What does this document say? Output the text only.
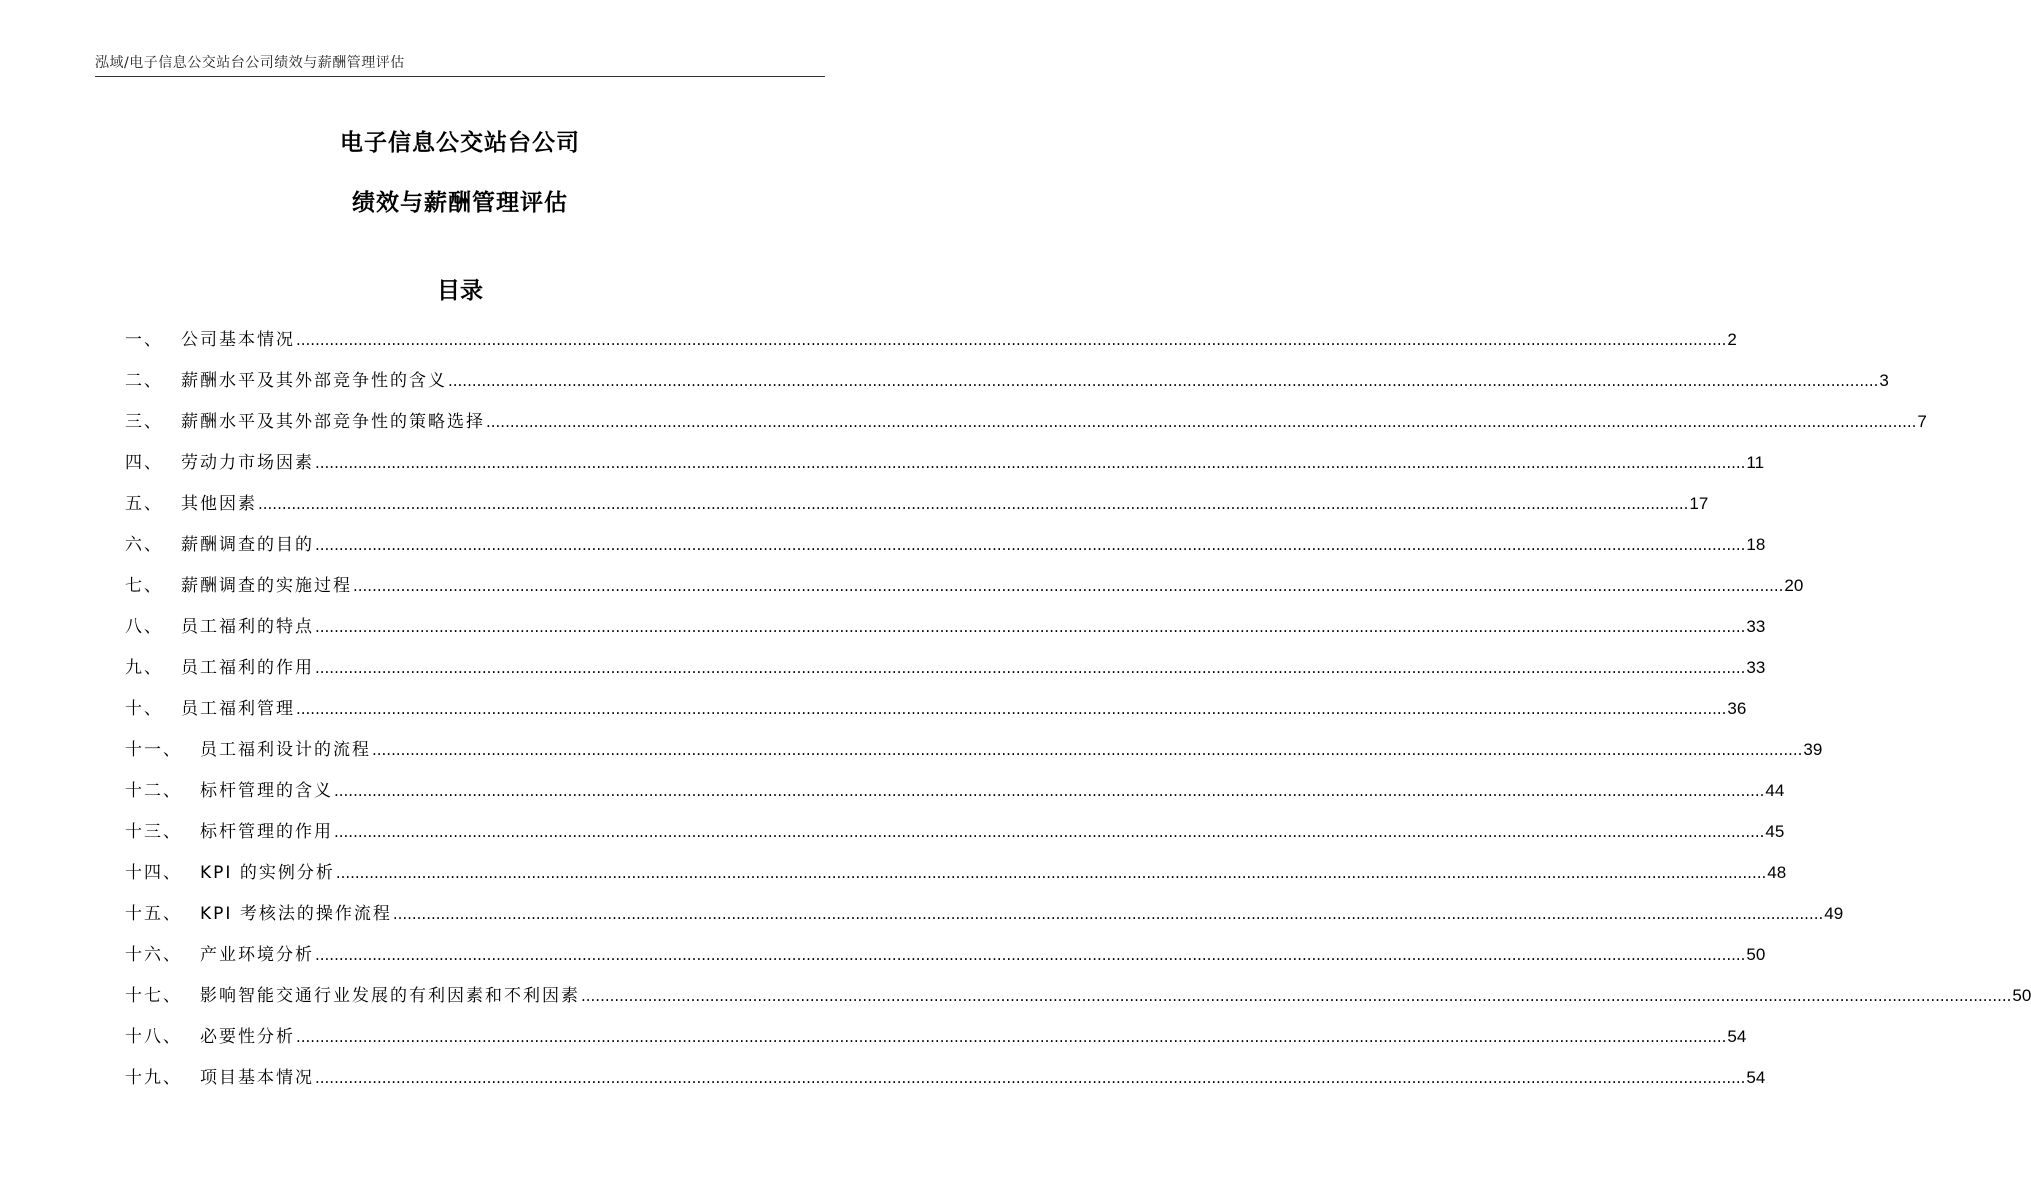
泓域/电子信息公交站台公司绩效与薪酬管理评估
电子信息公交站台公司
绩效与薪酬管理评估
目录
一、 公司基本情况 ............................................................................................................................................................................................................................................................................................................ 2
二、 薪酬水平及其外部竞争性的含义 ............................................................................................................................................................................................................................................................................................................ 3
三、 薪酬水平及其外部竞争性的策略选择 ............................................................................................................................................................................................................................................................................................................ 7
四、 劳动力市场因素 ............................................................................................................................................................................................................................................................................................................ 11
五、 其他因素 ............................................................................................................................................................................................................................................................................................................ 17
六、 薪酬调查的目的 ............................................................................................................................................................................................................................................................................................................ 18
七、 薪酬调查的实施过程 ............................................................................................................................................................................................................................................................................................................ 20
八、 员工福利的特点 ............................................................................................................................................................................................................................................................................................................ 33
九、 员工福利的作用 ............................................................................................................................................................................................................................................................................................................ 33
十、 员工福利管理 ............................................................................................................................................................................................................................................................................................................ 36
十一、 员工福利设计的流程 ............................................................................................................................................................................................................................................................................................................ 39
十二、 标杆管理的含义 ............................................................................................................................................................................................................................................................................................................ 44
十三、 标杆管理的作用 ............................................................................................................................................................................................................................................................................................................ 45
十四、 KPI 的实例分析 ............................................................................................................................................................................................................................................................................................................ 48
十五、 KPI 考核法的操作流程 ............................................................................................................................................................................................................................................................................................................ 49
十六、 产业环境分析 ............................................................................................................................................................................................................................................................................................................ 50
十七、 影响智能交通行业发展的有利因素和不利因素 ............................................................................................................................................................................................................................................................................................................ 50
十八、 必要性分析 ............................................................................................................................................................................................................................................................................................................ 54
十九、 项目基本情况 ............................................................................................................................................................................................................................................................................................................ 54
